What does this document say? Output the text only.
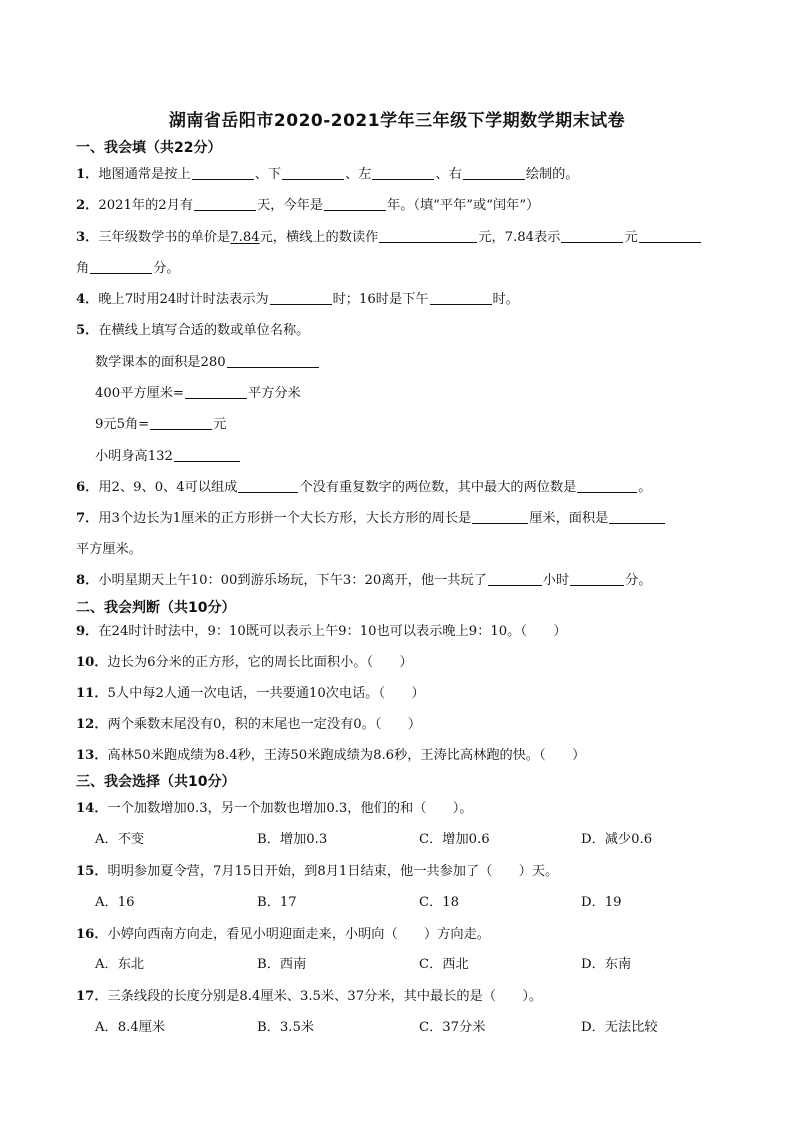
湖南省岳阳市2020-2021学年三年级下学期数学期末试卷
一、我会填（共22分）
1．地图通常是按上	、下	、左	、右	绘制的。
2．2021年的2月有	天，今年是	年。（填“平年”或“闰年”）
3．三年级数学书的单价是7.84元，横线上的数读作	元，7.84表示	元
角	分。
4．晚上7时用24时计时法表示为	时；16时是下午	时。
5．在横线上填写合适的数或单位名称。
数学课本的面积是280
400平方厘米=	平方分米
9元5角=	元
小明身高132
6．用2、9、0、4可以组成	个没有重复数字的两位数，其中最大的两位数是	。
7．用3个边长为1厘米的正方形拼一个大长方形，大长方形的周长是	厘米，面积是
平方厘米。
8．小明星期天上午10：00到游乐场玩，下午3：20离开，他一共玩了	小时	分。
二、我会判断（共10分）
9．在24时计时法中，9：10既可以表示上午9：10也可以表示晚上9：10。（　　）
10．边长为6分米的正方形，它的周长比面积小。（　　）
11．5人中每2人通一次电话，一共要通10次电话。（　　）
12．两个乘数末尾没有0，积的末尾也一定没有0。（　　）
13．高林50米跑成绩为8.4秒，王涛50米跑成绩为8.6秒，王涛比高林跑的快。（　　）
三、我会选择（共10分）
14．一个加数增加0.3，另一个加数也增加0.3，他们的和（　　）。
A．不变	B．增加0.3	C．增加0.6	D．减少0.6
15．明明参加夏令营，7月15日开始，到8月1日结束，他一共参加了（　　）天。
A．16	B．17	C．18	D．19
16．小婷向西南方向走，看见小明迎面走来，小明向（　　）方向走。
A．东北	B．西南	C．西北	D．东南
17．三条线段的长度分别是8.4厘米、3.5米、37分米，其中最长的是（　　）。
A．8.4厘米	B．3.5米	C．37分米	D．无法比较
